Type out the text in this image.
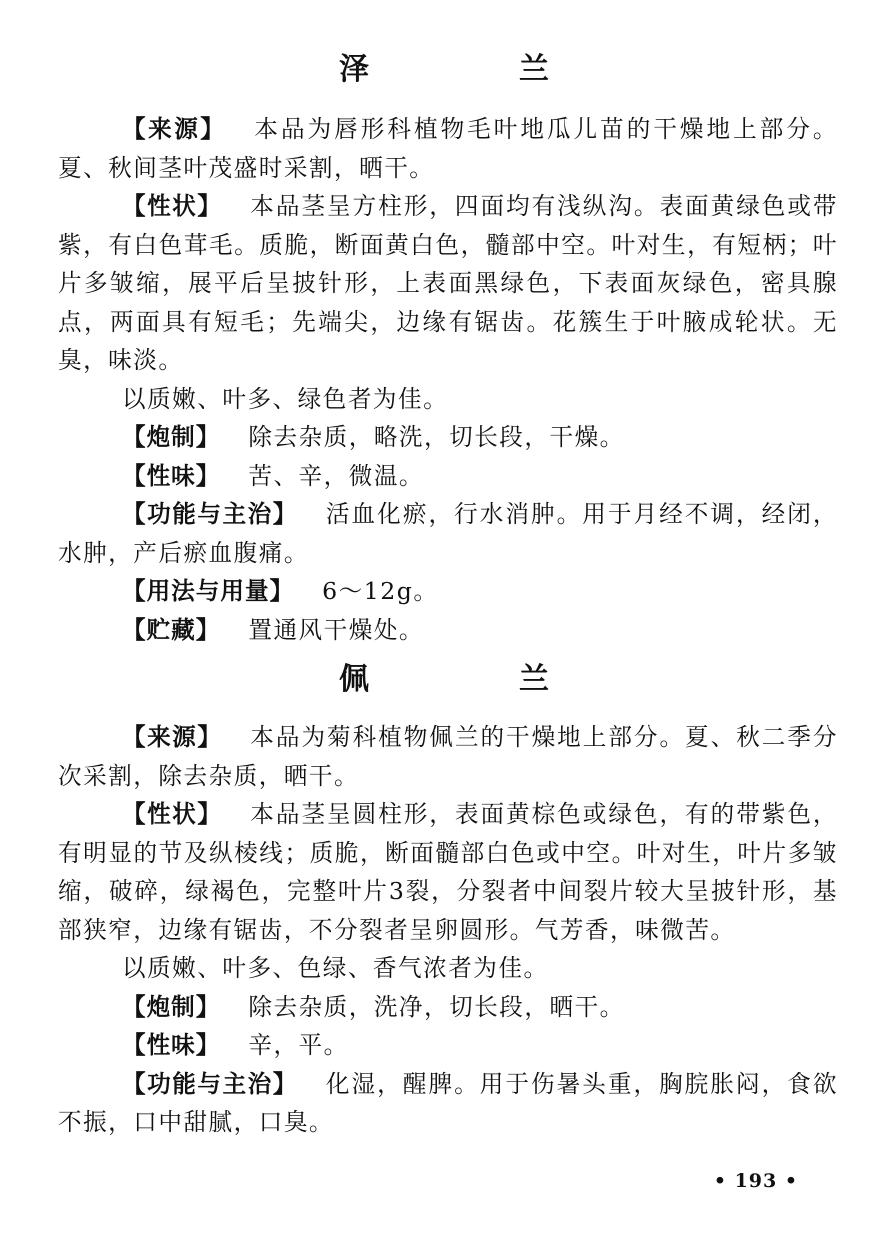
泽　兰

【来源】 本品为唇形科植物毛叶地瓜儿苗的干燥地上部分。夏、秋间茎叶茂盛时采割，晒干。

【性状】 本品茎呈方柱形，四面均有浅纵沟。表面黄绿色或带紫，有白色茸毛。质脆，断面黄白色，髓部中空。叶对生，有短柄；叶片多皱缩，展平后呈披针形，上表面黑绿色，下表面灰绿色，密具腺点，两面具有短毛；先端尖，边缘有锯齿。花簇生于叶腋成轮状。无臭，味淡。

以质嫩、叶多、绿色者为佳。

【炮制】 除去杂质，略洗，切长段，干燥。

【性味】 苦、辛，微温。

【功能与主治】 活血化瘀，行水消肿。用于月经不调，经闭，水肿，产后瘀血腹痛。

【用法与用量】 6～12g。

【贮藏】 置通风干燥处。

佩　兰

【来源】 本品为菊科植物佩兰的干燥地上部分。夏、秋二季分次采割，除去杂质，晒干。

【性状】 本品茎呈圆柱形，表面黄棕色或绿色，有的带紫色，有明显的节及纵棱线；质脆，断面髓部白色或中空。叶对生，叶片多皱缩，破碎，绿褐色，完整叶片3裂，分裂者中间裂片较大呈披针形，基部狭窄，边缘有锯齿，不分裂者呈卵圆形。气芳香，味微苦。

以质嫩、叶多、色绿、香气浓者为佳。

【炮制】 除去杂质，洗净，切长段，晒干。

【性味】 辛，平。

【功能与主治】 化湿，醒脾。用于伤暑头重，胸脘胀闷，食欲不振，口中甜腻，口臭。

• 193 •
